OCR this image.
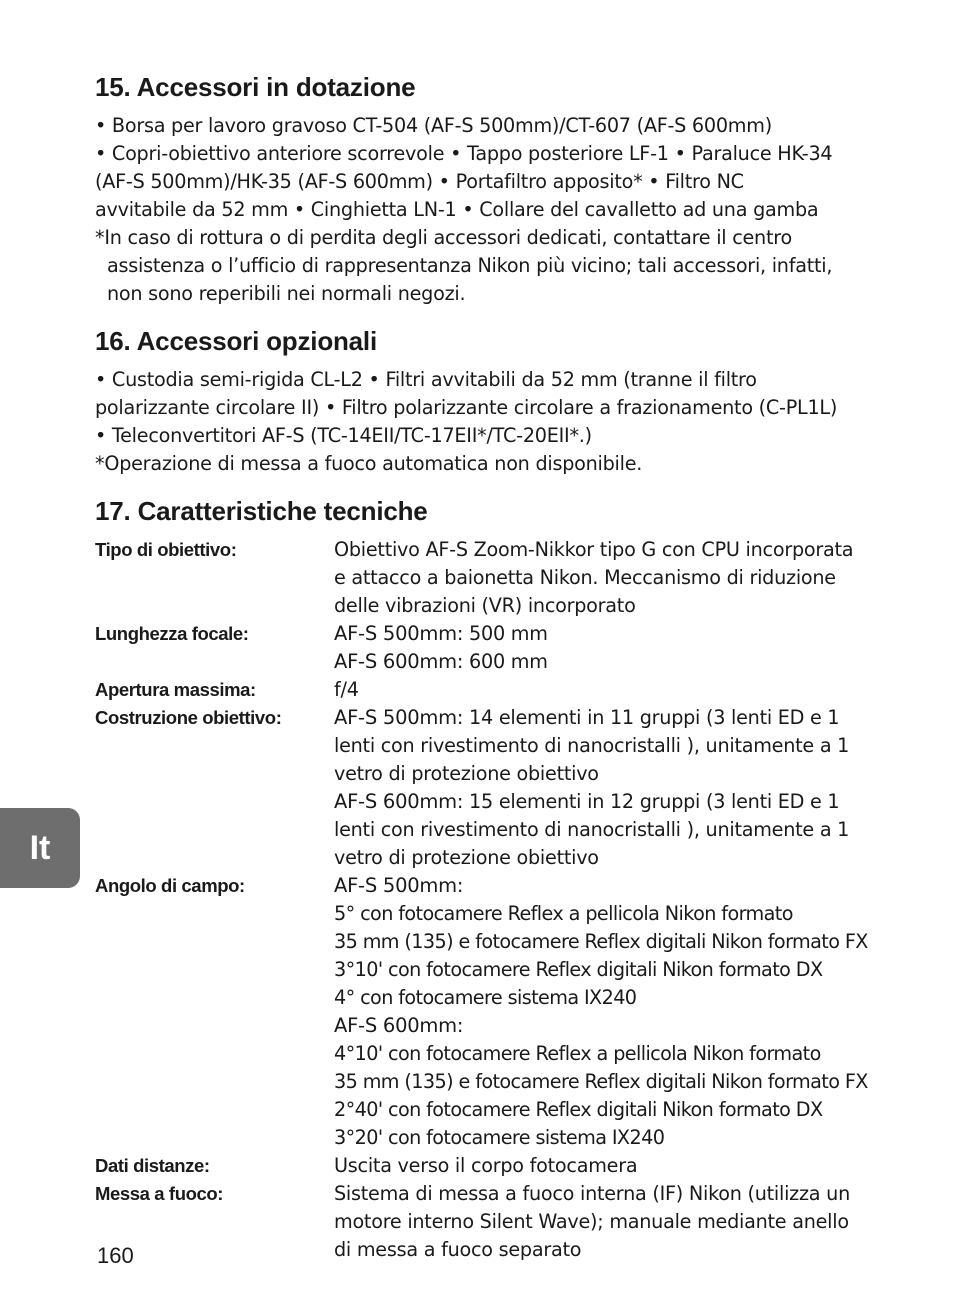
15. Accessori in dotazione

• Borsa per lavoro gravoso CT-504 (AF-S 500mm)/CT-607 (AF-S 600mm)

• Copri-obiettivo anteriore scorrevole • Tappo posteriore LF-1 • Paraluce HK-34

(AF-S 500mm)/HK-35 (AF-S 600mm) • Portafiltro apposito* • Filtro NC

avvitabile da 52 mm • Cinghietta LN-1 • Collare del cavalletto ad una gamba

*In caso di rottura o di perdita degli accessori dedicati, contattare il centro

assistenza o l’ufficio di rappresentanza Nikon più vicino; tali accessori, infatti,

non sono reperibili nei normali negozi.

16. Accessori opzionali

• Custodia semi-rigida CL-L2 • Filtri avvitabili da 52 mm (tranne il filtro

polarizzante circolare II) • Filtro polarizzante circolare a frazionamento (C-PL1L)

• Teleconvertitori AF-S (TC-14EII/TC-17EII*/TC-20EII*.)

*Operazione di messa a fuoco automatica non disponibile.

17. Caratteristiche tecniche
Tipo di obiettivo:	Obiettivo AF-S Zoom-Nikkor tipo G con CPU incorporata
e attacco a baionetta Nikon. Meccanismo di riduzione
delle vibrazioni (VR) incorporato
Lunghezza focale:	AF-S 500mm: 500 mm
AF-S 600mm: 600 mm
Apertura massima:	f/4
Costruzione obiettivo:	AF-S 500mm: 14 elementi in 11 gruppi (3 lenti ED e 1
lenti con rivestimento di nanocristalli ), unitamente a 1
vetro di protezione obiettivo
AF-S 600mm: 15 elementi in 12 gruppi (3 lenti ED e 1
lenti con rivestimento di nanocristalli ), unitamente a 1
vetro di protezione obiettivo
Angolo di campo:	AF-S 500mm:
5° con fotocamere Reflex a pellicola Nikon formato
35 mm (135) e fotocamere Reflex digitali Nikon formato FX
3°10' con fotocamere Reflex digitali Nikon formato DX
4° con fotocamere sistema IX240
AF-S 600mm:
4°10' con fotocamere Reflex a pellicola Nikon formato
35 mm (135) e fotocamere Reflex digitali Nikon formato FX
2°40' con fotocamere Reflex digitali Nikon formato DX
3°20' con fotocamere sistema IX240
Dati distanze:	Uscita verso il corpo fotocamera
Messa a fuoco:	Sistema di messa a fuoco interna (IF) Nikon (utilizza un
motore interno Silent Wave); manuale mediante anello
di messa a fuoco separato
It
160
